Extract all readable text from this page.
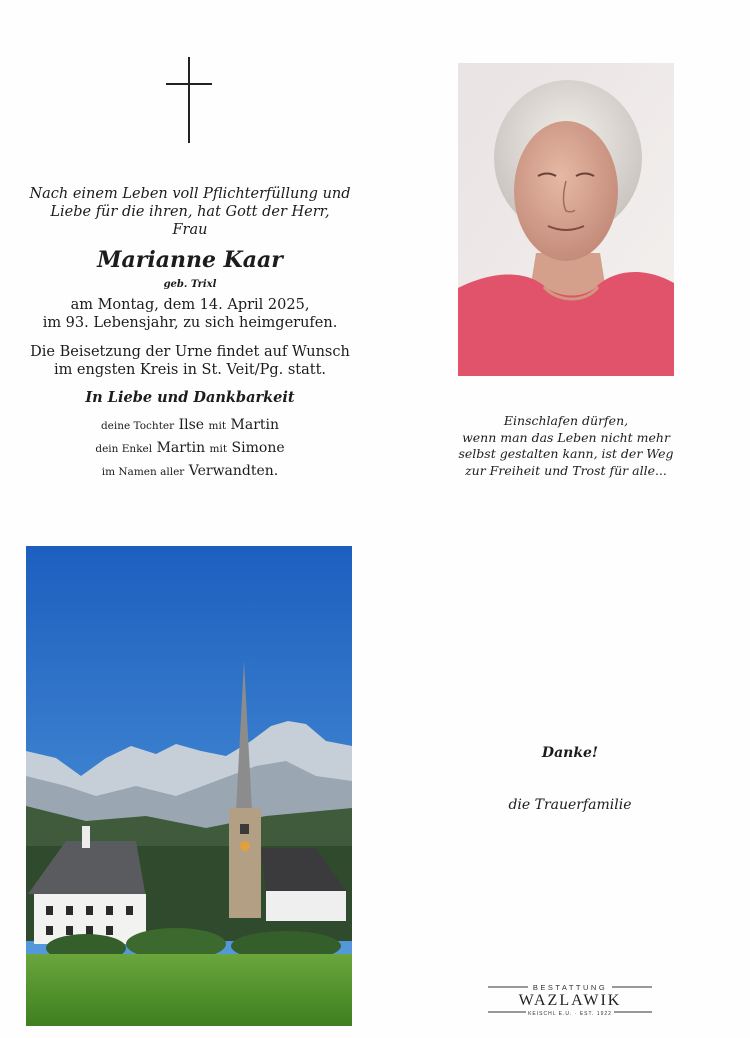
Nach einem Leben voll Pflichterfüllung und
Liebe für die ihren, hat Gott der Herr,
Frau
Marianne Kaar
geb. Trixl
am Montag, dem 14. April 2025,
im 93. Lebensjahr, zu sich heimgerufen.
Die Beisetzung der Urne findet auf Wunsch
im engsten Kreis in St. Veit/Pg. statt.
In Liebe und Dankbarkeit
deine Tochter Ilse mit Martin
dein Enkel Martin mit Simone
im Namen aller Verwandten.
Einschlafen dürfen,
wenn man das Leben nicht mehr
selbst gestalten kann, ist der Weg
zur Freiheit und Trost für alle...
Danke!
die Trauerfamilie
BESTATTUNG
WAZLAWIK
KEISCHL E.U. · EST. 1922
